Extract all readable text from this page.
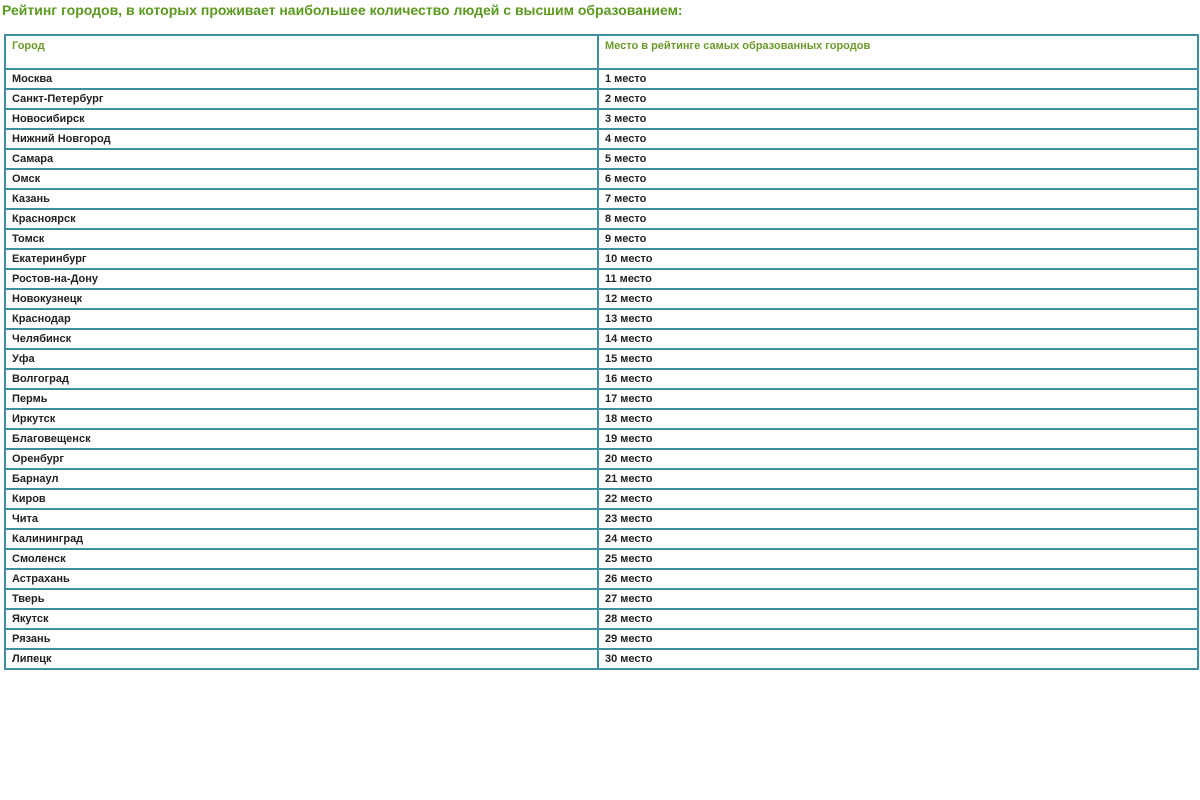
Рейтинг городов, в которых проживает наибольшее количество людей с высшим образованием:
Город	Место в рейтинге самых образованных городов
Москва	1 место
Санкт-Петербург	2 место
Новосибирск	3 место
Нижний Новгород	4 место
Самара	5 место
Омск	6 место
Казань	7 место
Красноярск	8 место
Томск	9 место
Екатеринбург	10 место
Ростов-на-Дону	11 место
Новокузнецк	12 место
Краснодар	13 место
Челябинск	14 место
Уфа	15 место
Волгоград	16 место
Пермь	17 место
Иркутск	18 место
Благовещенск	19 место
Оренбург	20 место
Барнаул	21 место
Киров	22 место
Чита	23 место
Калининград	24 место
Смоленск	25 место
Астрахань	26 место
Тверь	27 место
Якутск	28 место
Рязань	29 место
Липецк	30 место
